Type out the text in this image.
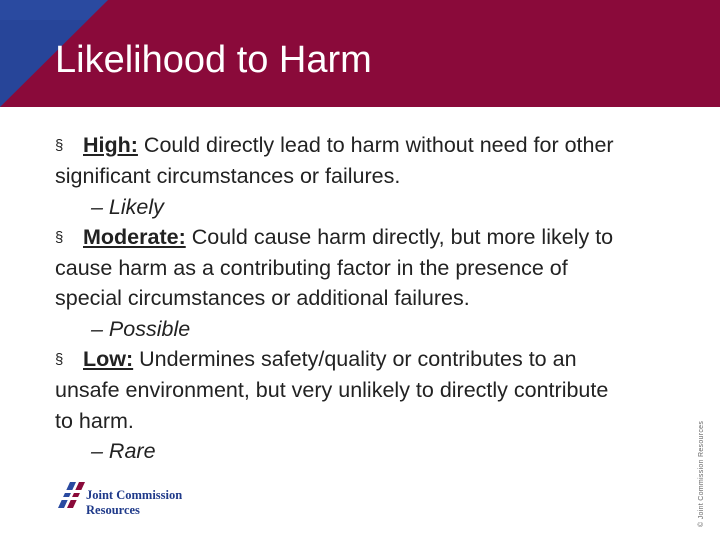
Likelihood to Harm
§ High: Could directly lead to harm without need for other
significant circumstances or failures.
– Likely
§ Moderate: Could cause harm directly, but more likely to
cause harm as a contributing factor in the presence of
special circumstances or additional failures.
– Possible
§ Low: Undermines safety/quality or contributes to an
unsafe environment, but very unlikely to directly contribute
to harm.
– Rare	© Joint Commission Resources
Joint Commission
Resources
